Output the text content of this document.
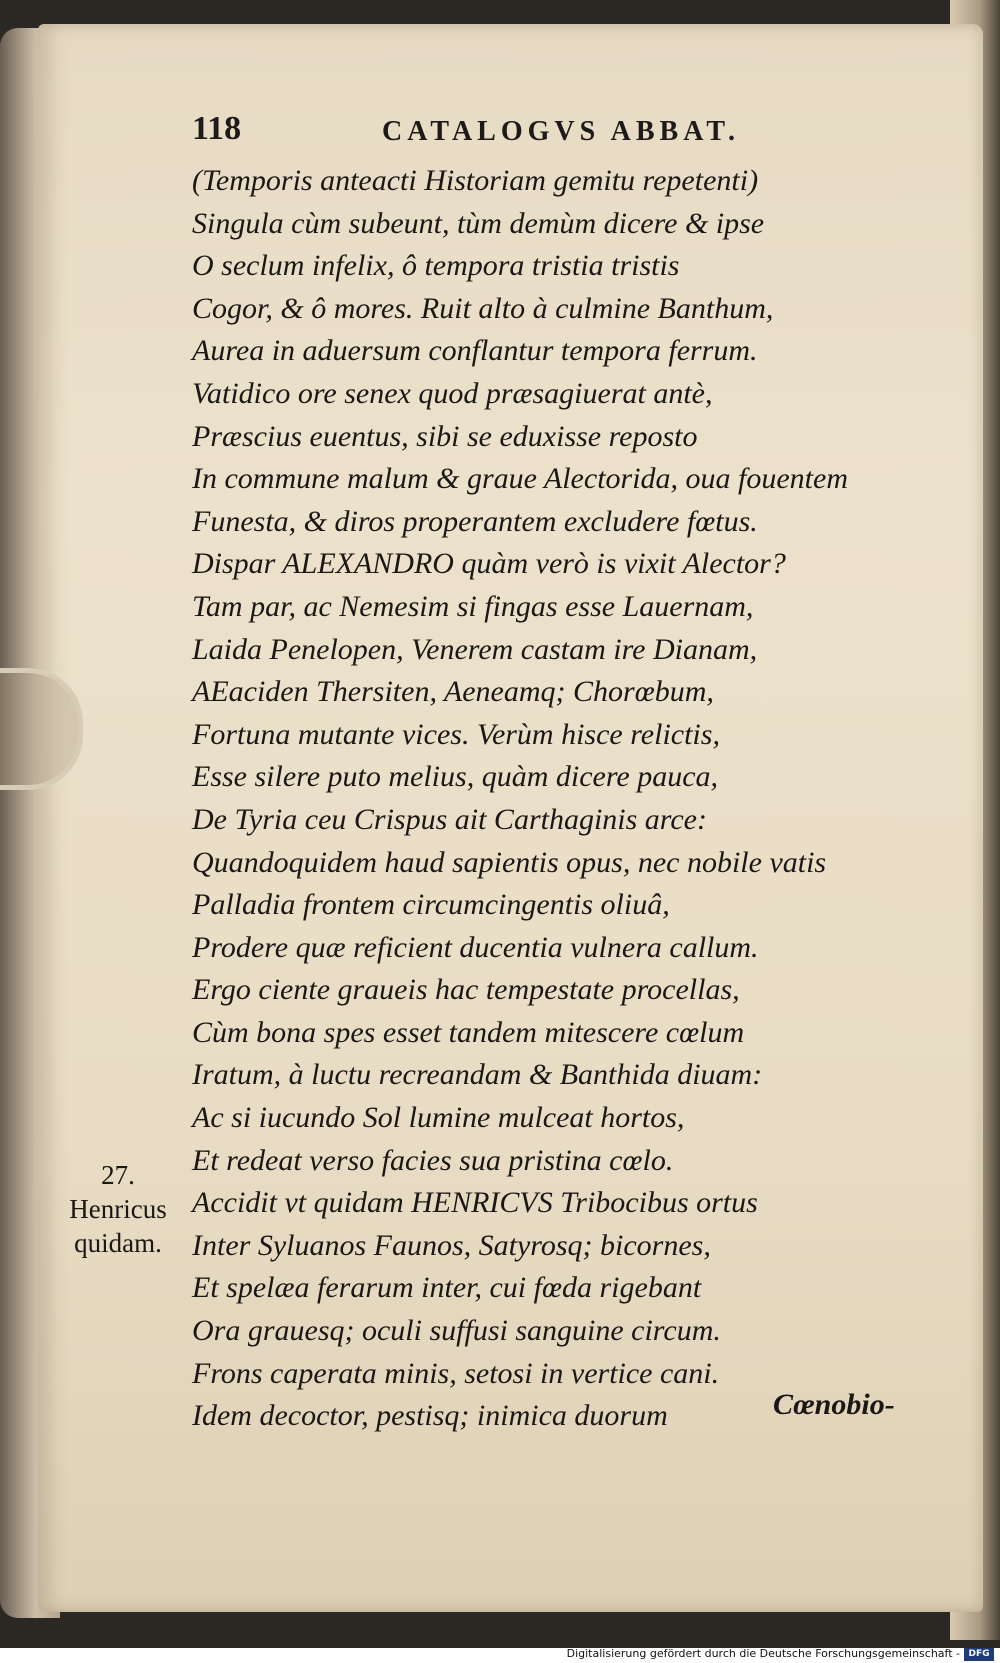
118	CATALOGVS ABBAT.
(Temporis anteacti Historiam gemitu repetenti)
Singula cùm subeunt, tùm demùm dicere & ipse
O seclum infelix, ô tempora tristia tristis
Cogor, & ô mores. Ruit alto à culmine Banthum,
Aurea in aduersum conflantur tempora ferrum.
Vatidico ore senex quod præsagiuerat antè,
Præscius euentus, sibi se eduxisse reposto
In commune malum & graue Alectorida, oua fouentem
Funesta, & diros properantem excludere fœtus.
Dispar ALEXANDRO quàm verò is vixit Alector?
Tam par, ac Nemesim si fingas esse Lauernam,
Laida Penelopen, Venerem castam ire Dianam,
AEaciden Thersiten, Aeneamq; Chorœbum,
Fortuna mutante vices. Verùm hisce relictis,
Esse silere puto melius, quàm dicere pauca,
De Tyria ceu Crispus ait Carthaginis arce:
Quandoquidem haud sapientis opus, nec nobile vatis
Palladia frontem circumcingentis oliuâ,
Prodere quæ reficient ducentia vulnera callum.
Ergo ciente graueis hac tempestate procellas,
Cùm bona spes esset tandem mitescere cœlum
Iratum, à luctu recreandam & Banthida diuam:
Ac si iucundo Sol lumine mulceat hortos,
Et redeat verso facies sua pristina cœlo.
Accidit vt quidam HENRICVS Tribocibus ortus
Inter Syluanos Faunos, Satyrosq; bicornes,
Et spelæa ferarum inter, cui fœda rigebant
Ora grauesq; oculi suffusi sanguine circum.
Frons caperata minis, setosi in vertice cani.
Idem decoctor, pestisq; inimica duorum
27.
Henricus
quidam.
Cœnobio-
Digitalisierung gefördert durch die Deutsche Forschungsgemeinschaft - DFG
